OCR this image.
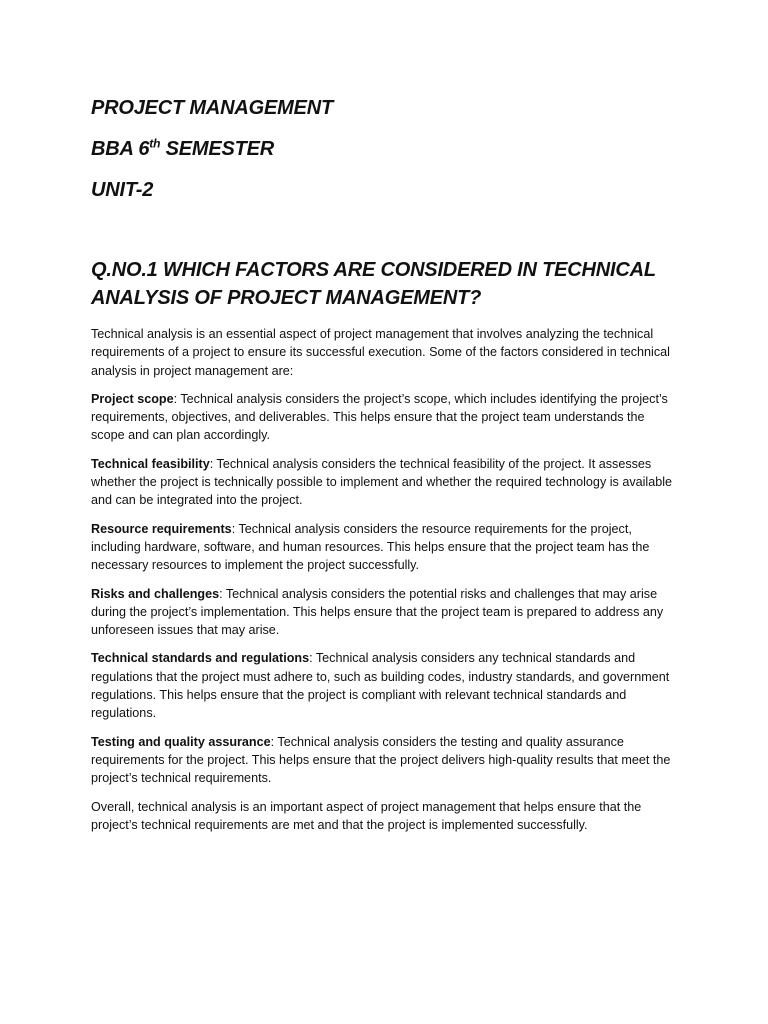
PROJECT MANAGEMENT

BBA 6th SEMESTER

UNIT-2

Q.NO.1 WHICH FACTORS ARE CONSIDERED IN TECHNICAL ANALYSIS OF PROJECT MANAGEMENT?

Technical analysis is an essential aspect of project management that involves analyzing the technical requirements of a project to ensure its successful execution. Some of the factors considered in technical analysis in project management are:

Project scope: Technical analysis considers the project’s scope, which includes identifying the project’s requirements, objectives, and deliverables. This helps ensure that the project team understands the scope and can plan accordingly.

Technical feasibility: Technical analysis considers the technical feasibility of the project. It assesses whether the project is technically possible to implement and whether the required technology is available and can be integrated into the project.

Resource requirements: Technical analysis considers the resource requirements for the project, including hardware, software, and human resources. This helps ensure that the project team has the necessary resources to implement the project successfully.

Risks and challenges: Technical analysis considers the potential risks and challenges that may arise during the project’s implementation. This helps ensure that the project team is prepared to address any unforeseen issues that may arise.

Technical standards and regulations: Technical analysis considers any technical standards and regulations that the project must adhere to, such as building codes, industry standards, and government regulations. This helps ensure that the project is compliant with relevant technical standards and regulations.

Testing and quality assurance: Technical analysis considers the testing and quality assurance requirements for the project. This helps ensure that the project delivers high-quality results that meet the project’s technical requirements.

Overall, technical analysis is an important aspect of project management that helps ensure that the project’s technical requirements are met and that the project is implemented successfully.
